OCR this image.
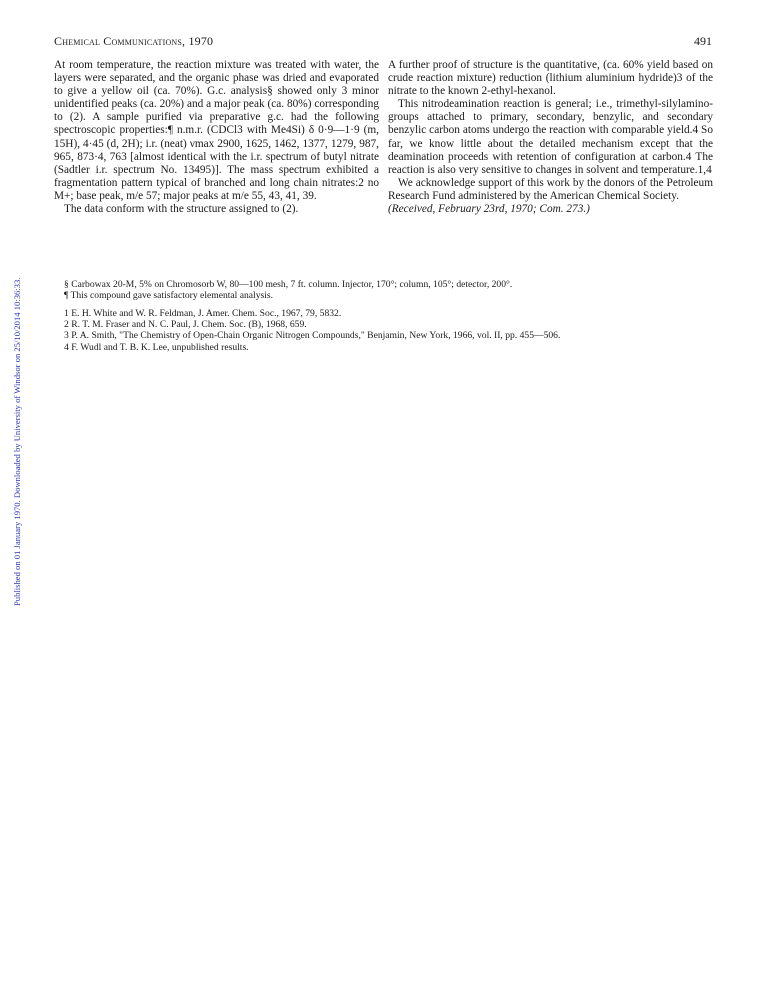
Chemical Communications, 1970	491
Published on 01 January 1970. Downloaded by University of Windsor on 25/10/2014 10:36:33.

At room temperature, the reaction mixture was treated with water, the layers were separated, and the organic phase was dried and evaporated to give a yellow oil (ca. 70%). G.c. analysis§ showed only 3 minor unidentified peaks (ca. 20%) and a major peak (ca. 80%) corresponding to (2). A sample purified via preparative g.c. had the following spectroscopic properties:¶ n.m.r. (CDCl3 with Me4Si) δ 0·9—1·9 (m, 15H), 4·45 (d, 2H); i.r. (neat) νmax 2900, 1625, 1462, 1377, 1279, 987, 965, 873·4, 763 [almost identical with the i.r. spectrum of butyl nitrate (Sadtler i.r. spectrum No. 13495)]. The mass spectrum exhibited a fragmentation pattern typical of branched and long chain nitrates:2 no M+; base peak, m/e 57; major peaks at m/e 55, 43, 41, 39.

The data conform with the structure assigned to (2).

A further proof of structure is the quantitative, (ca. 60% yield based on crude reaction mixture) reduction (lithium aluminium hydride)3 of the nitrate to the known 2-ethyl-hexanol.

This nitrodeamination reaction is general; i.e., trimethyl-silylamino-groups attached to primary, secondary, benzylic, and secondary benzylic carbon atoms undergo the reaction with comparable yield.4 So far, we know little about the detailed mechanism except that the deamination proceeds with retention of configuration at carbon.4 The reaction is also very sensitive to changes in solvent and temperature.1,4

We acknowledge support of this work by the donors of the Petroleum Research Fund administered by the American Chemical Society.

(Received, February 23rd, 1970; Com. 273.)

§ Carbowax 20-M, 5% on Chromosorb W, 80—100 mesh, 7 ft. column. Injector, 170°; column, 105°; detector, 200°.

¶ This compound gave satisfactory elemental analysis.

1 E. H. White and W. R. Feldman, J. Amer. Chem. Soc., 1967, 79, 5832.

2 R. T. M. Fraser and N. C. Paul, J. Chem. Soc. (B), 1968, 659.

3 P. A. Smith, "The Chemistry of Open-Chain Organic Nitrogen Compounds," Benjamin, New York, 1966, vol. II, pp. 455—506.

4 F. Wudl and T. B. K. Lee, unpublished results.
